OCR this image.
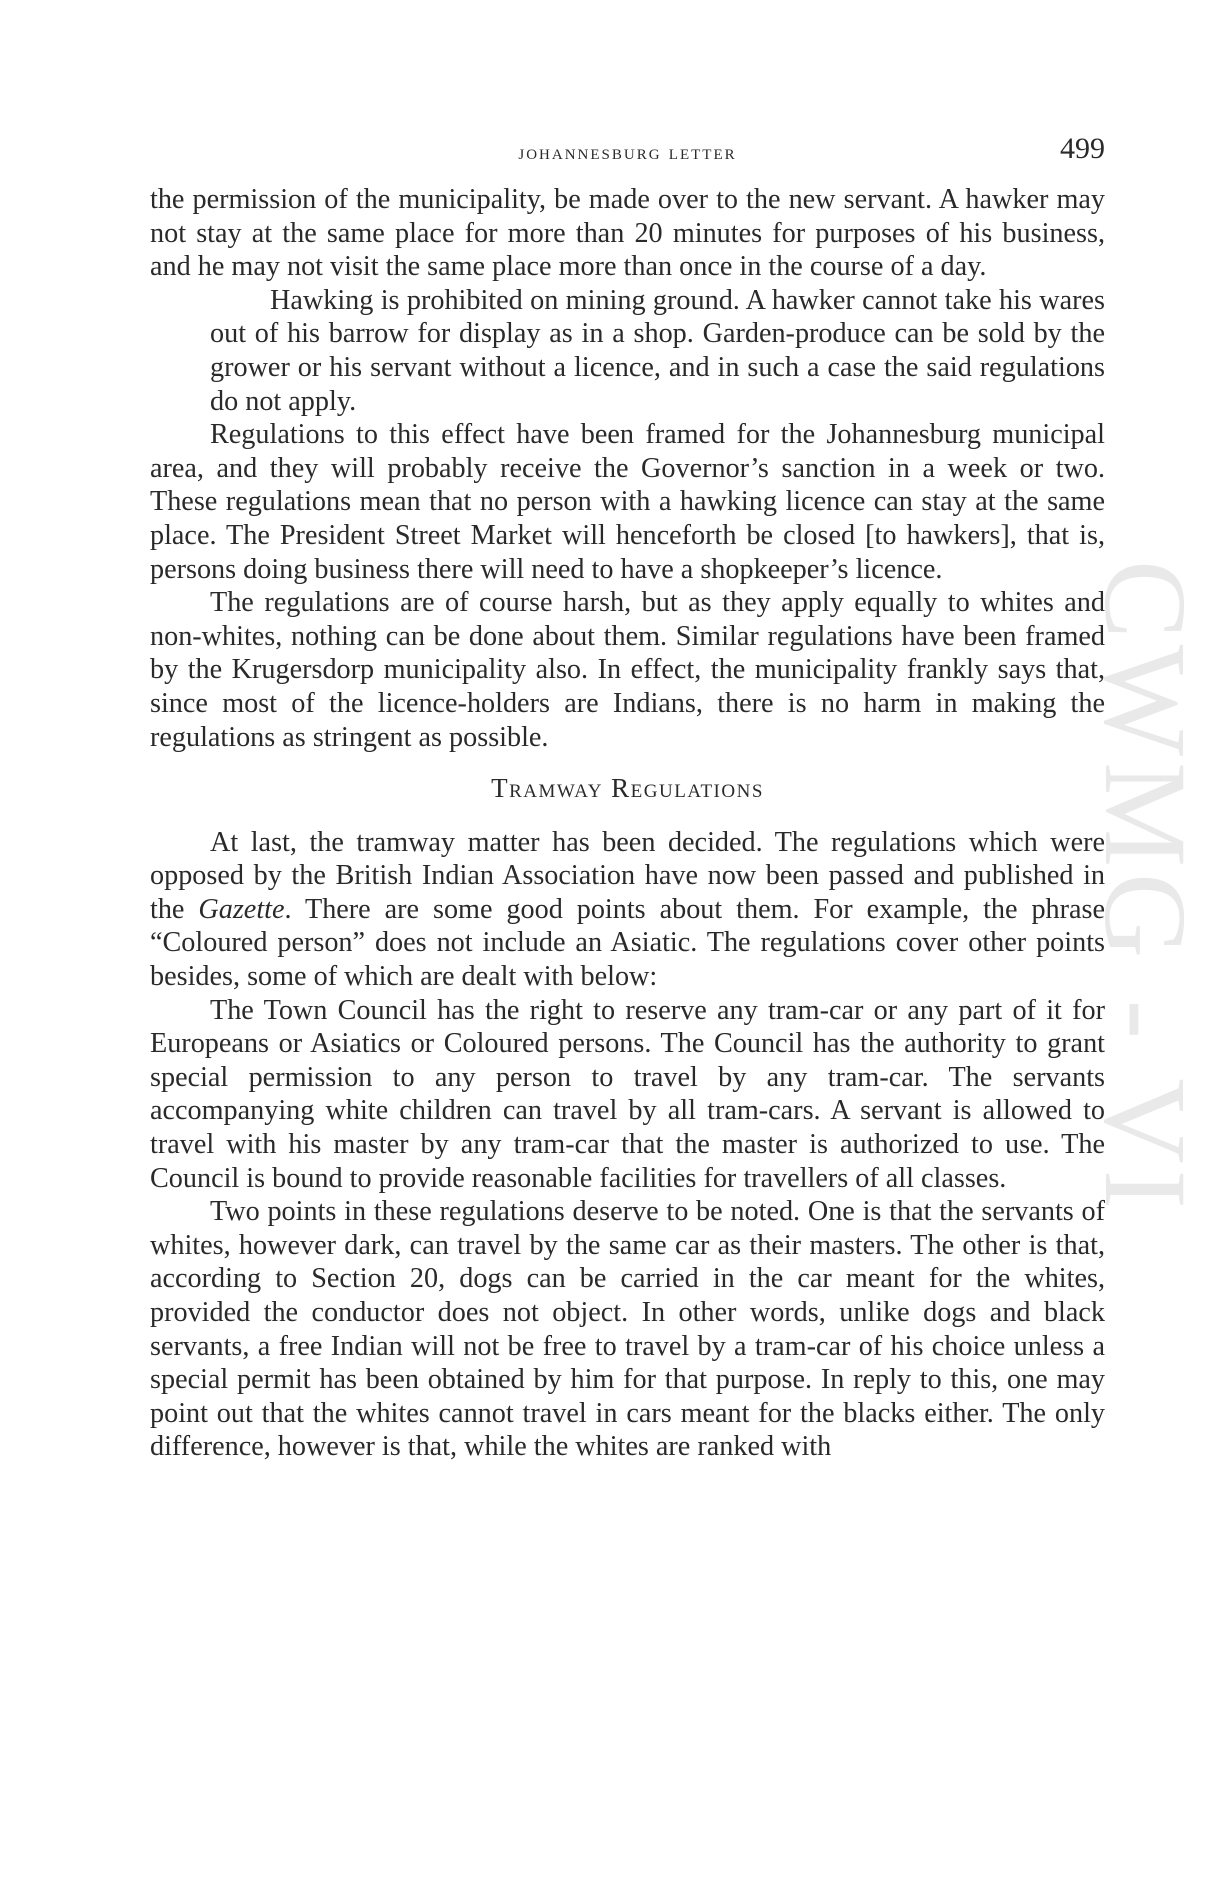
johannesburg letter	499
CWMG - VI

the permission of the municipality, be made over to the new servant. A hawker may not stay at the same place for more than 20 minutes for purposes of his business, and he may not visit the same place more than once in the course of a day.

Hawking is prohibited on mining ground. A hawker cannot take his wares out of his barrow for display as in a shop. Garden-produce can be sold by the grower or his servant without a licence, and in such a case the said regulations do not apply.

Regulations to this effect have been framed for the Johannesburg municipal area, and they will probably receive the Governor’s sanction in a week or two. These regulations mean that no person with a hawking licence can stay at the same place. The President Street Market will henceforth be closed [to hawkers], that is, persons doing business there will need to have a shopkeeper’s licence.

The regulations are of course harsh, but as they apply equally to whites and non-whites, nothing can be done about them. Similar regulations have been framed by the Krugersdorp municipality also. In effect, the municipality frankly says that, since most of the licence-holders are Indians, there is no harm in making the regulations as stringent as possible.

Tramway Regulations

At last, the tramway matter has been decided. The regulations which were opposed by the British Indian Association have now been passed and published in the Gazette. There are some good points about them. For example, the phrase “Coloured person” does not include an Asiatic. The regulations cover other points besides, some of which are dealt with below:

The Town Council has the right to reserve any tram-car or any part of it for Europeans or Asiatics or Coloured persons. The Council has the authority to grant special permission to any person to travel by any tram-car. The servants accompanying white children can travel by all tram-cars. A servant is allowed to travel with his master by any tram-car that the master is authorized to use. The Council is bound to provide reasonable facilities for travellers of all classes.

Two points in these regulations deserve to be noted. One is that the servants of whites, however dark, can travel by the same car as their masters. The other is that, according to Section 20, dogs can be carried in the car meant for the whites, provided the conductor does not object. In other words, unlike dogs and black servants, a free Indian will not be free to travel by a tram-car of his choice unless a special permit has been obtained by him for that purpose. In reply to this, one may point out that the whites cannot travel in cars meant for the blacks either. The only difference, however is that, while the whites are ranked with
